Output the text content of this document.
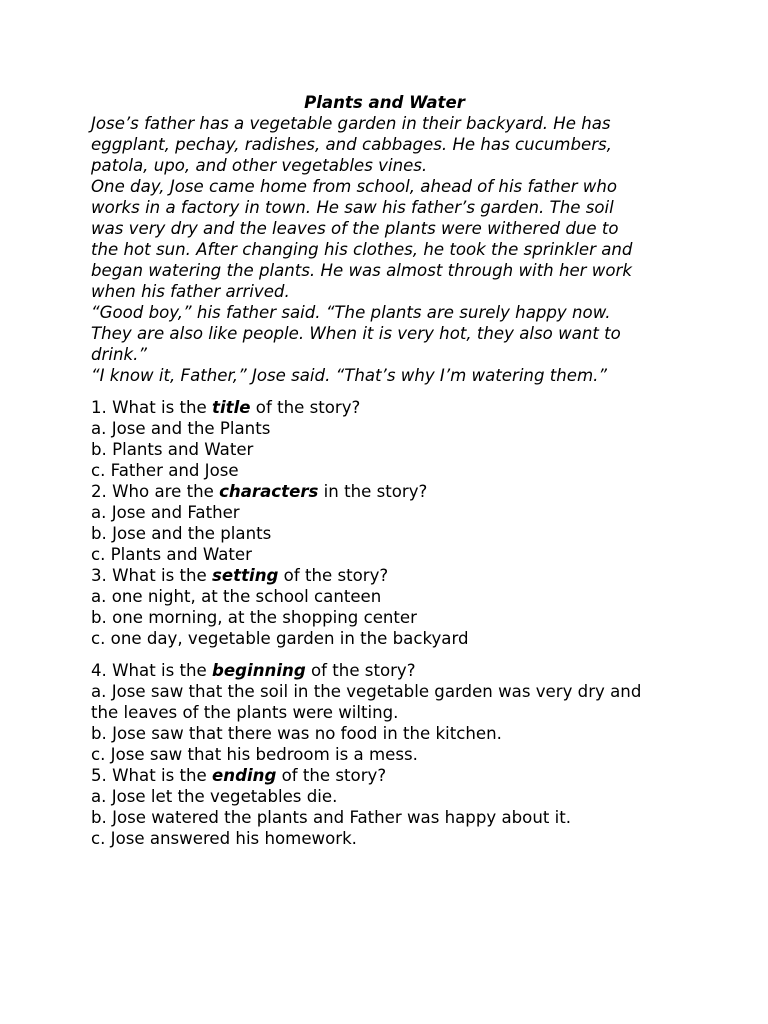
Plants and Water
Jose’s father has a vegetable garden in their backyard. He has
eggplant, pechay, radishes, and cabbages. He has cucumbers,
patola, upo, and other vegetables vines.
One day, Jose came home from school, ahead of his father who
works in a factory in town. He saw his father’s garden. The soil
was very dry and the leaves of the plants were withered due to
the hot sun. After changing his clothes, he took the sprinkler and
began watering the plants. He was almost through with her work
when his father arrived.
“Good boy,” his father said. “The plants are surely happy now.
They are also like people. When it is very hot, they also want to
drink.”
“I know it, Father,” Jose said. “That’s why I’m watering them.”
1. What is the title of the story?
a. Jose and the Plants
b. Plants and Water
c. Father and Jose
2. Who are the characters in the story?
a. Jose and Father
b. Jose and the plants
c. Plants and Water
3. What is the setting of the story?
a. one night, at the school canteen
b. one morning, at the shopping center
c. one day, vegetable garden in the backyard
4. What is the beginning of the story?
a. Jose saw that the soil in the vegetable garden was very dry and
the leaves of the plants were wilting.
b. Jose saw that there was no food in the kitchen.
c. Jose saw that his bedroom is a mess.
5. What is the ending of the story?
a. Jose let the vegetables die.
b. Jose watered the plants and Father was happy about it.
c. Jose answered his homework.
